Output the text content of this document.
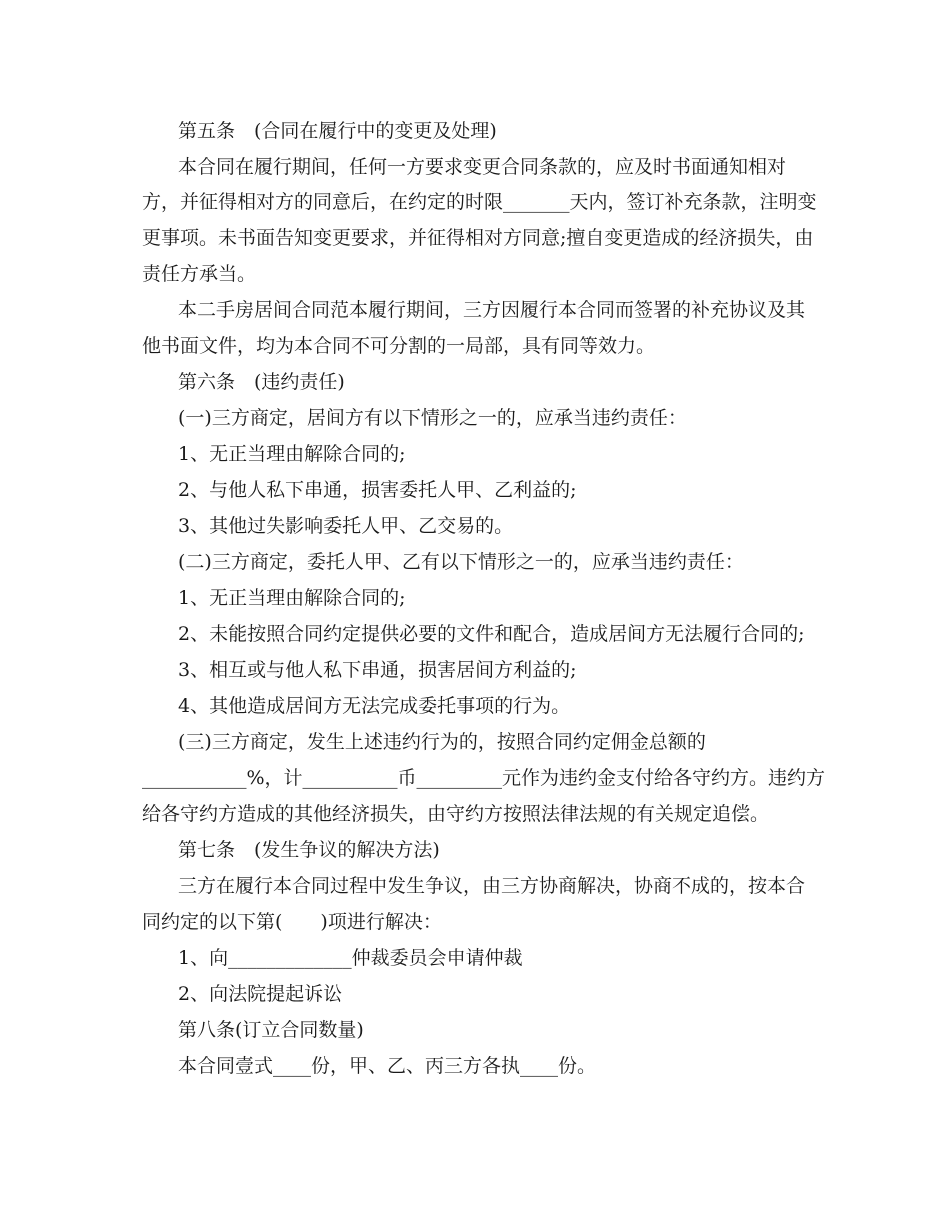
第五条　(合同在履行中的变更及处理)
本合同在履行期间，任何一方要求变更合同条款的，应及时书面通知相对
方，并征得相对方的同意后，在约定的时限_______天内，签订补充条款，注明变
更事项。未书面告知变更要求，并征得相对方同意;擅自变更造成的经济损失，由
责任方承当。
本二手房居间合同范本履行期间，三方因履行本合同而签署的补充协议及其
他书面文件，均为本合同不可分割的一局部，具有同等效力。
第六条　(违约责任)
(一)三方商定，居间方有以下情形之一的，应承当违约责任：
1、无正当理由解除合同的;
2、与他人私下串通，损害委托人甲、乙利益的;
3、其他过失影响委托人甲、乙交易的。
(二)三方商定，委托人甲、乙有以下情形之一的，应承当违约责任：
1、无正当理由解除合同的;
2、未能按照合同约定提供必要的文件和配合，造成居间方无法履行合同的;
3、相互或与他人私下串通，损害居间方利益的;
4、其他造成居间方无法完成委托事项的行为。
(三)三方商定，发生上述违约行为的，按照合同约定佣金总额的
___________%，计__________币_________元作为违约金支付给各守约方。违约方
给各守约方造成的其他经济损失，由守约方按照法律法规的有关规定追偿。
第七条　(发生争议的解决方法)
三方在履行本合同过程中发生争议，由三方协商解决，协商不成的，按本合
同约定的以下第(　　)项进行解决：
1、向_____________仲裁委员会申请仲裁
2、向法院提起诉讼
第八条(订立合同数量)
本合同壹式____份，甲、乙、丙三方各执____份。
